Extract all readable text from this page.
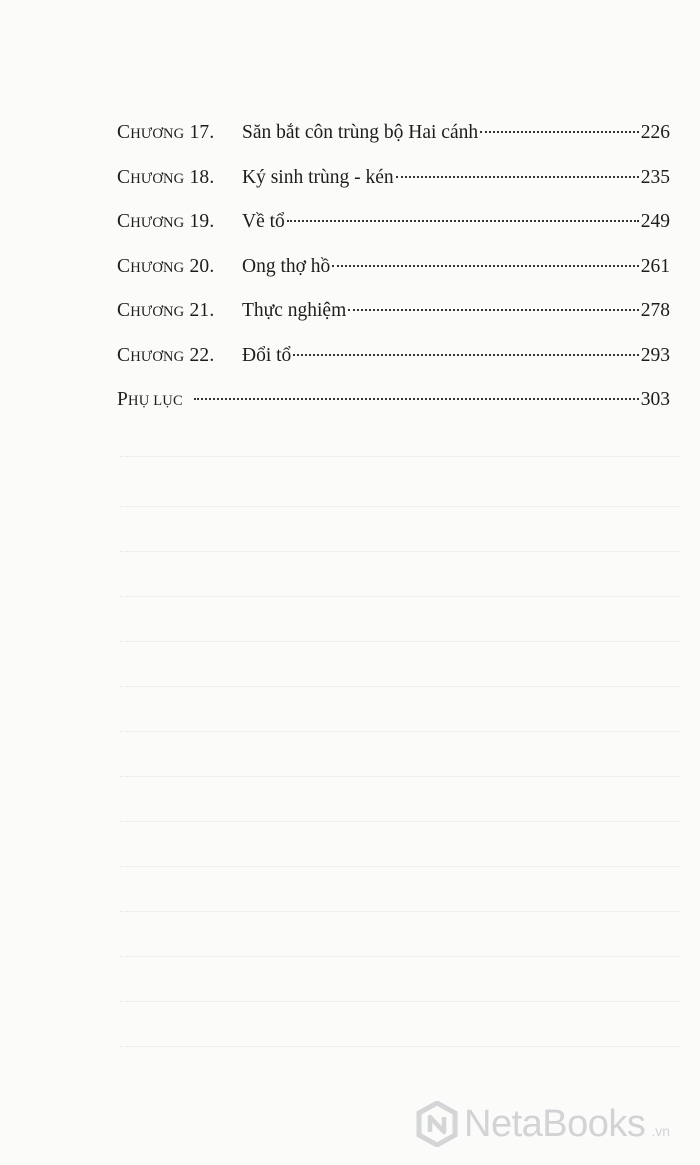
CHƯƠNG 17.	Săn bắt côn trùng bộ Hai cánh	226
CHƯƠNG 18.	Ký sinh trùng - kén	235
CHƯƠNG 19.	Về tổ	249
CHƯƠNG 20.	Ong thợ hồ	261
CHƯƠNG 21.	Thực nghiệm	278
CHƯƠNG 22.	Đổi tổ	293
PHỤ LỤC	303
NetaBooks .vn
